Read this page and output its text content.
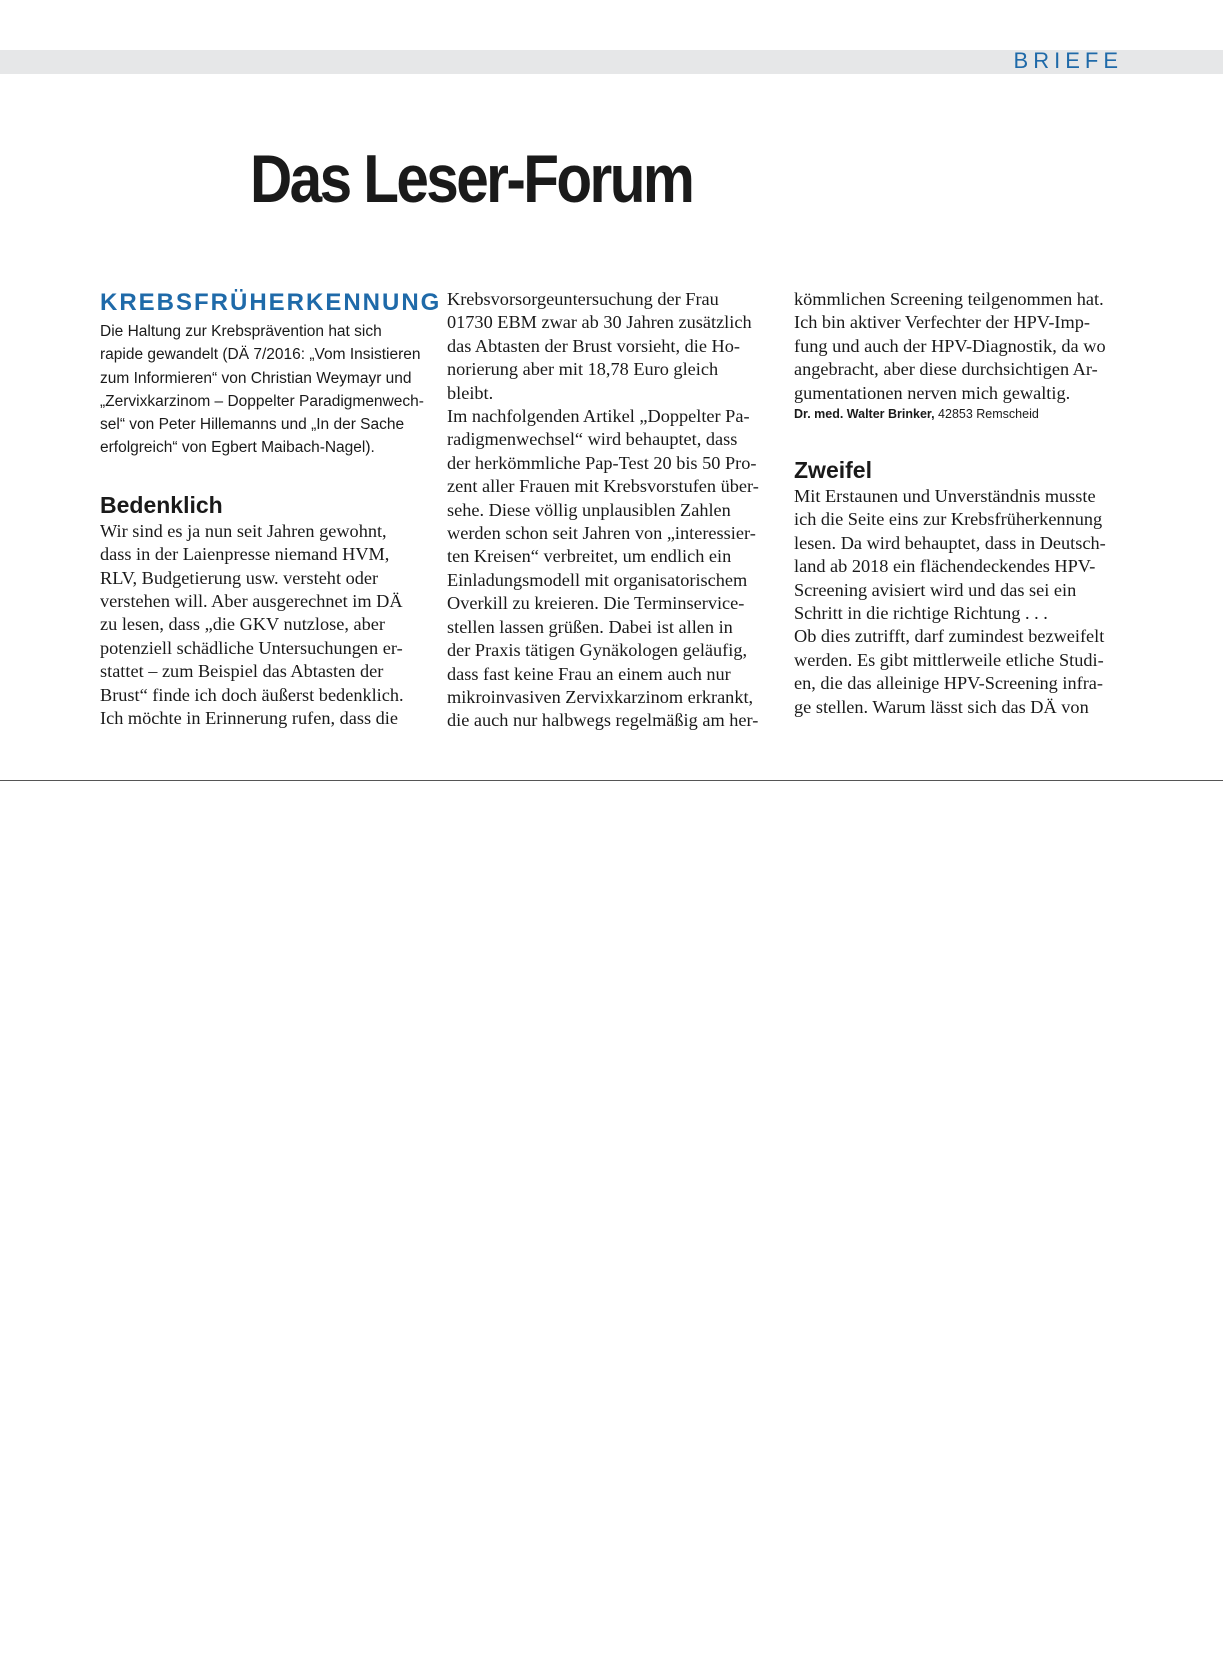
BRIEFE
Das Leser-Forum
KREBSFRÜHERKENNUNG
Die Haltung zur Krebsprävention hat sich
rapide gewandelt (DÄ 7/2016: „Vom Insistieren
zum Informieren“ von Christian Weymayr und
„Zervixkarzinom – Doppelter Paradigmenwech-
sel“ von Peter Hillemanns und „In der Sache
erfolgreich“ von Egbert Maibach-Nagel).
Bedenklich
Wir sind es ja nun seit Jahren gewohnt,
dass in der Laienpresse niemand HVM,
RLV, Budgetierung usw. versteht oder
verstehen will. Aber ausgerechnet im DÄ
zu lesen, dass „die GKV nutzlose, aber
potenziell schädliche Untersuchungen er-
stattet – zum Beispiel das Abtasten der
Brust“ finde ich doch äußerst bedenklich.
Ich möchte in Erinnerung rufen, dass die
Krebsvorsorgeuntersuchung der Frau
01730 EBM zwar ab 30 Jahren zusätzlich
das Abtasten der Brust vorsieht, die Ho-
norierung aber mit 18,78 Euro gleich
bleibt.
Im nachfolgenden Artikel „Doppelter Pa-
radigmenwechsel“ wird behauptet, dass
der herkömmliche Pap-Test 20 bis 50 Pro-
zent aller Frauen mit Krebsvorstufen über-
sehe. Diese völlig unplausiblen Zahlen
werden schon seit Jahren von „interessier-
ten Kreisen“ verbreitet, um endlich ein
Einladungsmodell mit organisatorischem
Overkill zu kreieren. Die Terminservice-
stellen lassen grüßen. Dabei ist allen in
der Praxis tätigen Gynäkologen geläufig,
dass fast keine Frau an einem auch nur
mikroinvasiven Zervixkarzinom erkrankt,
die auch nur halbwegs regelmäßig am her-
kömmlichen Screening teilgenommen hat.
Ich bin aktiver Verfechter der HPV-Imp-
fung und auch der HPV-Diagnostik, da wo
angebracht, aber diese durchsichtigen Ar-
gumentationen nerven mich gewaltig.
Dr. med. Walter Brinker, 42853 Remscheid
Zweifel
Mit Erstaunen und Unverständnis musste
ich die Seite eins zur Krebsfrüherkennung
lesen. Da wird behauptet, dass in Deutsch-
land ab 2018 ein flächendeckendes HPV-
Screening avisiert wird und das sei ein
Schritt in die richtige Richtung . . .
Ob dies zutrifft, darf zumindest bezweifelt
werden. Es gibt mittlerweile etliche Studi-
en, die das alleinige HPV-Screening infra-
ge stellen. Warum lässt sich das DÄ von
